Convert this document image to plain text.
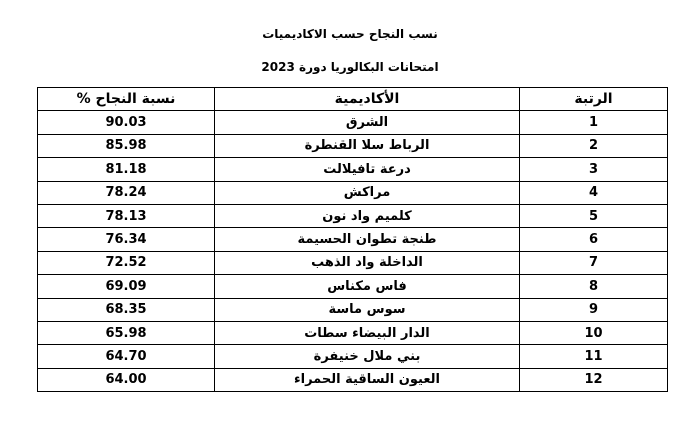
نسب النجاح حسب الاكاديميات
امتحانات البكالوريا دورة 2023
الرتبة	الأكاديمية	نسبة النجاح %
1	الشرق	90.03
2	الرباط سلا القنطرة	85.98
3	درعة تافيلالت	81.18
4	مراكش	78.24
5	كلميم واد نون	78.13
6	طنجة تطوان الحسيمة	76.34
7	الداخلة واد الذهب	72.52
8	فاس مكناس	69.09
9	سوس ماسة	68.35
10	الدار البيضاء سطات	65.98
11	بني ملال خنيفرة	64.70
12	العيون الساقية الحمراء	64.00
